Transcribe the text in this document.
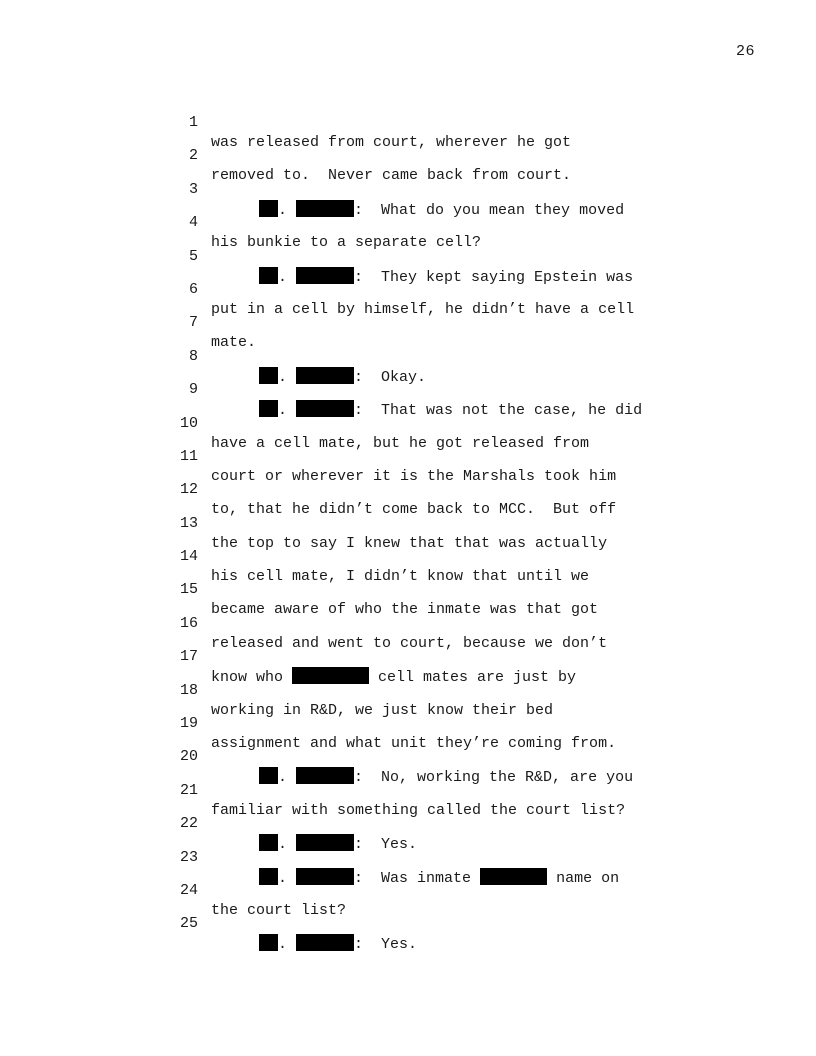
26

1

was released from court, wherever he got

2

removed to.  Never came back from court.

3

.	:  What do you mean they moved

4

his bunkie to a separate cell?

5

.	:  They kept saying Epstein was

6

put in a cell by himself, he didn’t have a cell

7

mate.

8

.	:  Okay.

9

.	:  That was not the case, he did

10

have a cell mate, but he got released from

11

court or wherever it is the Marshals took him

12

to, that he didn’t come back to MCC.  But off

13

the top to say I knew that that was actually

14

his cell mate, I didn’t know that until we

15

became aware of who the inmate was that got

16

released and went to court, because we don’t

17

know who	cell mates are just by

18

working in R&D, we just know their bed

19

assignment and what unit they’re coming from.

20

.	:  No, working the R&D, are you

21

familiar with something called the court list?

22

.	:  Yes.

23

.	:  Was inmate	name on

24

the court list?

25

.	:  Yes.
